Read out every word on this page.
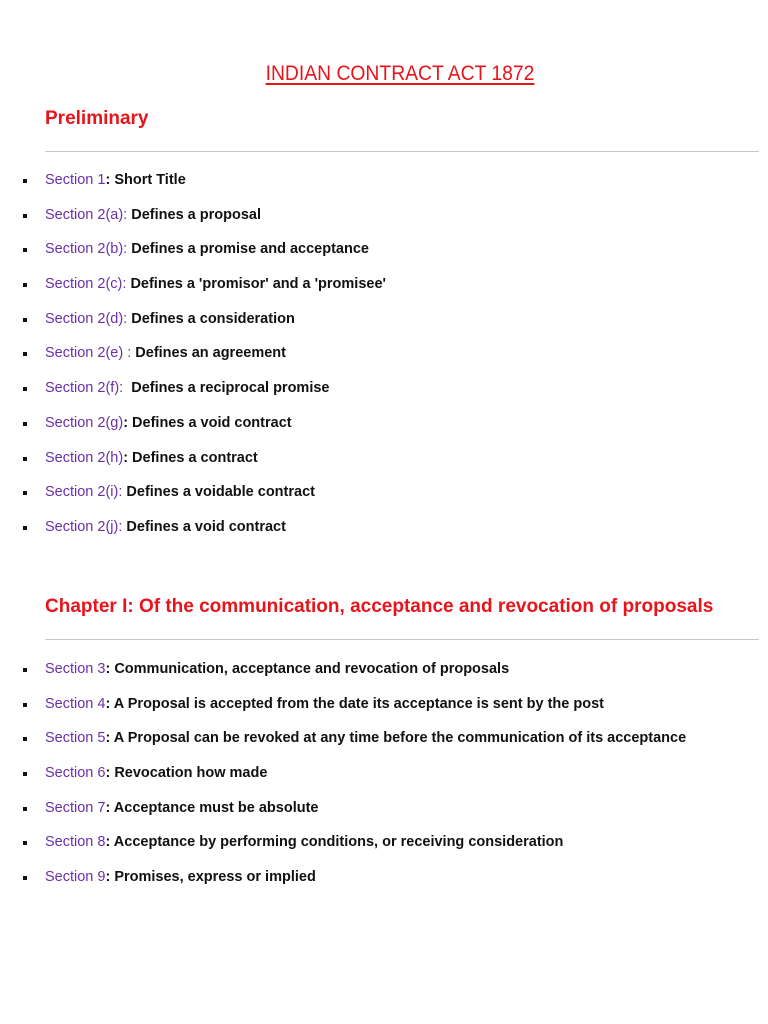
INDIAN CONTRACT ACT 1872
Preliminary
Section 1: Short Title
Section 2(a): Defines a proposal
Section 2(b): Defines a promise and acceptance
Section 2(c): Defines a 'promisor' and a 'promisee'
Section 2(d): Defines a consideration
Section 2(e) : Defines an agreement
Section 2(f): Defines a reciprocal promise
Section 2(g): Defines a void contract
Section 2(h): Defines a contract
Section 2(i): Defines a voidable contract
Section 2(j): Defines a void contract
Chapter I: Of the communication, acceptance and revocation of proposals
Section 3: Communication, acceptance and revocation of proposals
Section 4: A Proposal is accepted from the date its acceptance is sent by the post
Section 5: A Proposal can be revoked at any time before the communication of its acceptance
Section 6: Revocation how made
Section 7: Acceptance must be absolute
Section 8: Acceptance by performing conditions, or receiving consideration
Section 9: Promises, express or implied
